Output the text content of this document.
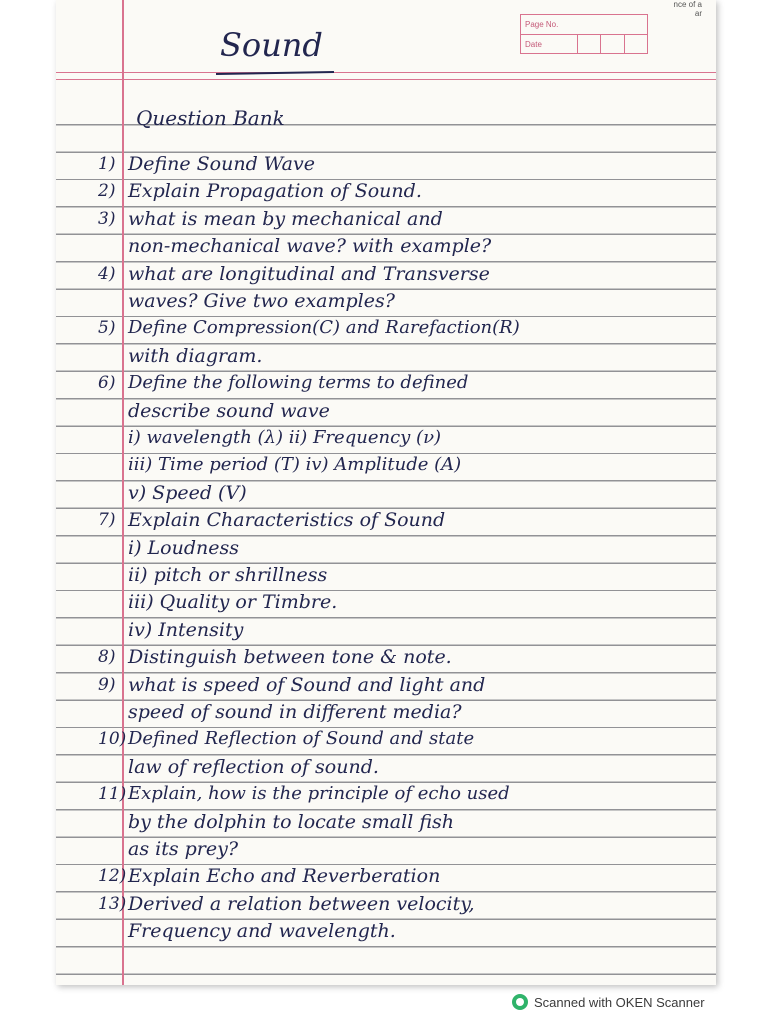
Page No.
Date
Sound
Question Bank
1) Define Sound Wave
2) Explain Propagation of Sound.
3) what is mean by mechanical and
non-mechanical wave? with example?
4) what are longitudinal and Transverse
waves? Give two examples?
5) Define Compression(C) and Rarefaction(R)
with diagram.
6) Define the following terms to defined
describe sound wave
i) wavelength (λ) ii) Frequency (ν)
iii) Time period (T) iv) Amplitude (A)
v) Speed (V)
7) Explain Characteristics of Sound
i) Loudness
ii) pitch or shrillness
iii) Quality or Timbre.
iv) Intensity
8) Distinguish between tone & note.
9) what is speed of Sound and light and
speed of sound in different media?
10) Defined Reflection of Sound and state
law of reflection of sound.
11) Explain, how is the principle of echo used
by the dolphin to locate small fish
as its prey?
12) Explain Echo and Reverberation
13) Derived a relation between velocity,
Frequency and wavelength.
nce of a
ar
Scanned with OKEN Scanner
